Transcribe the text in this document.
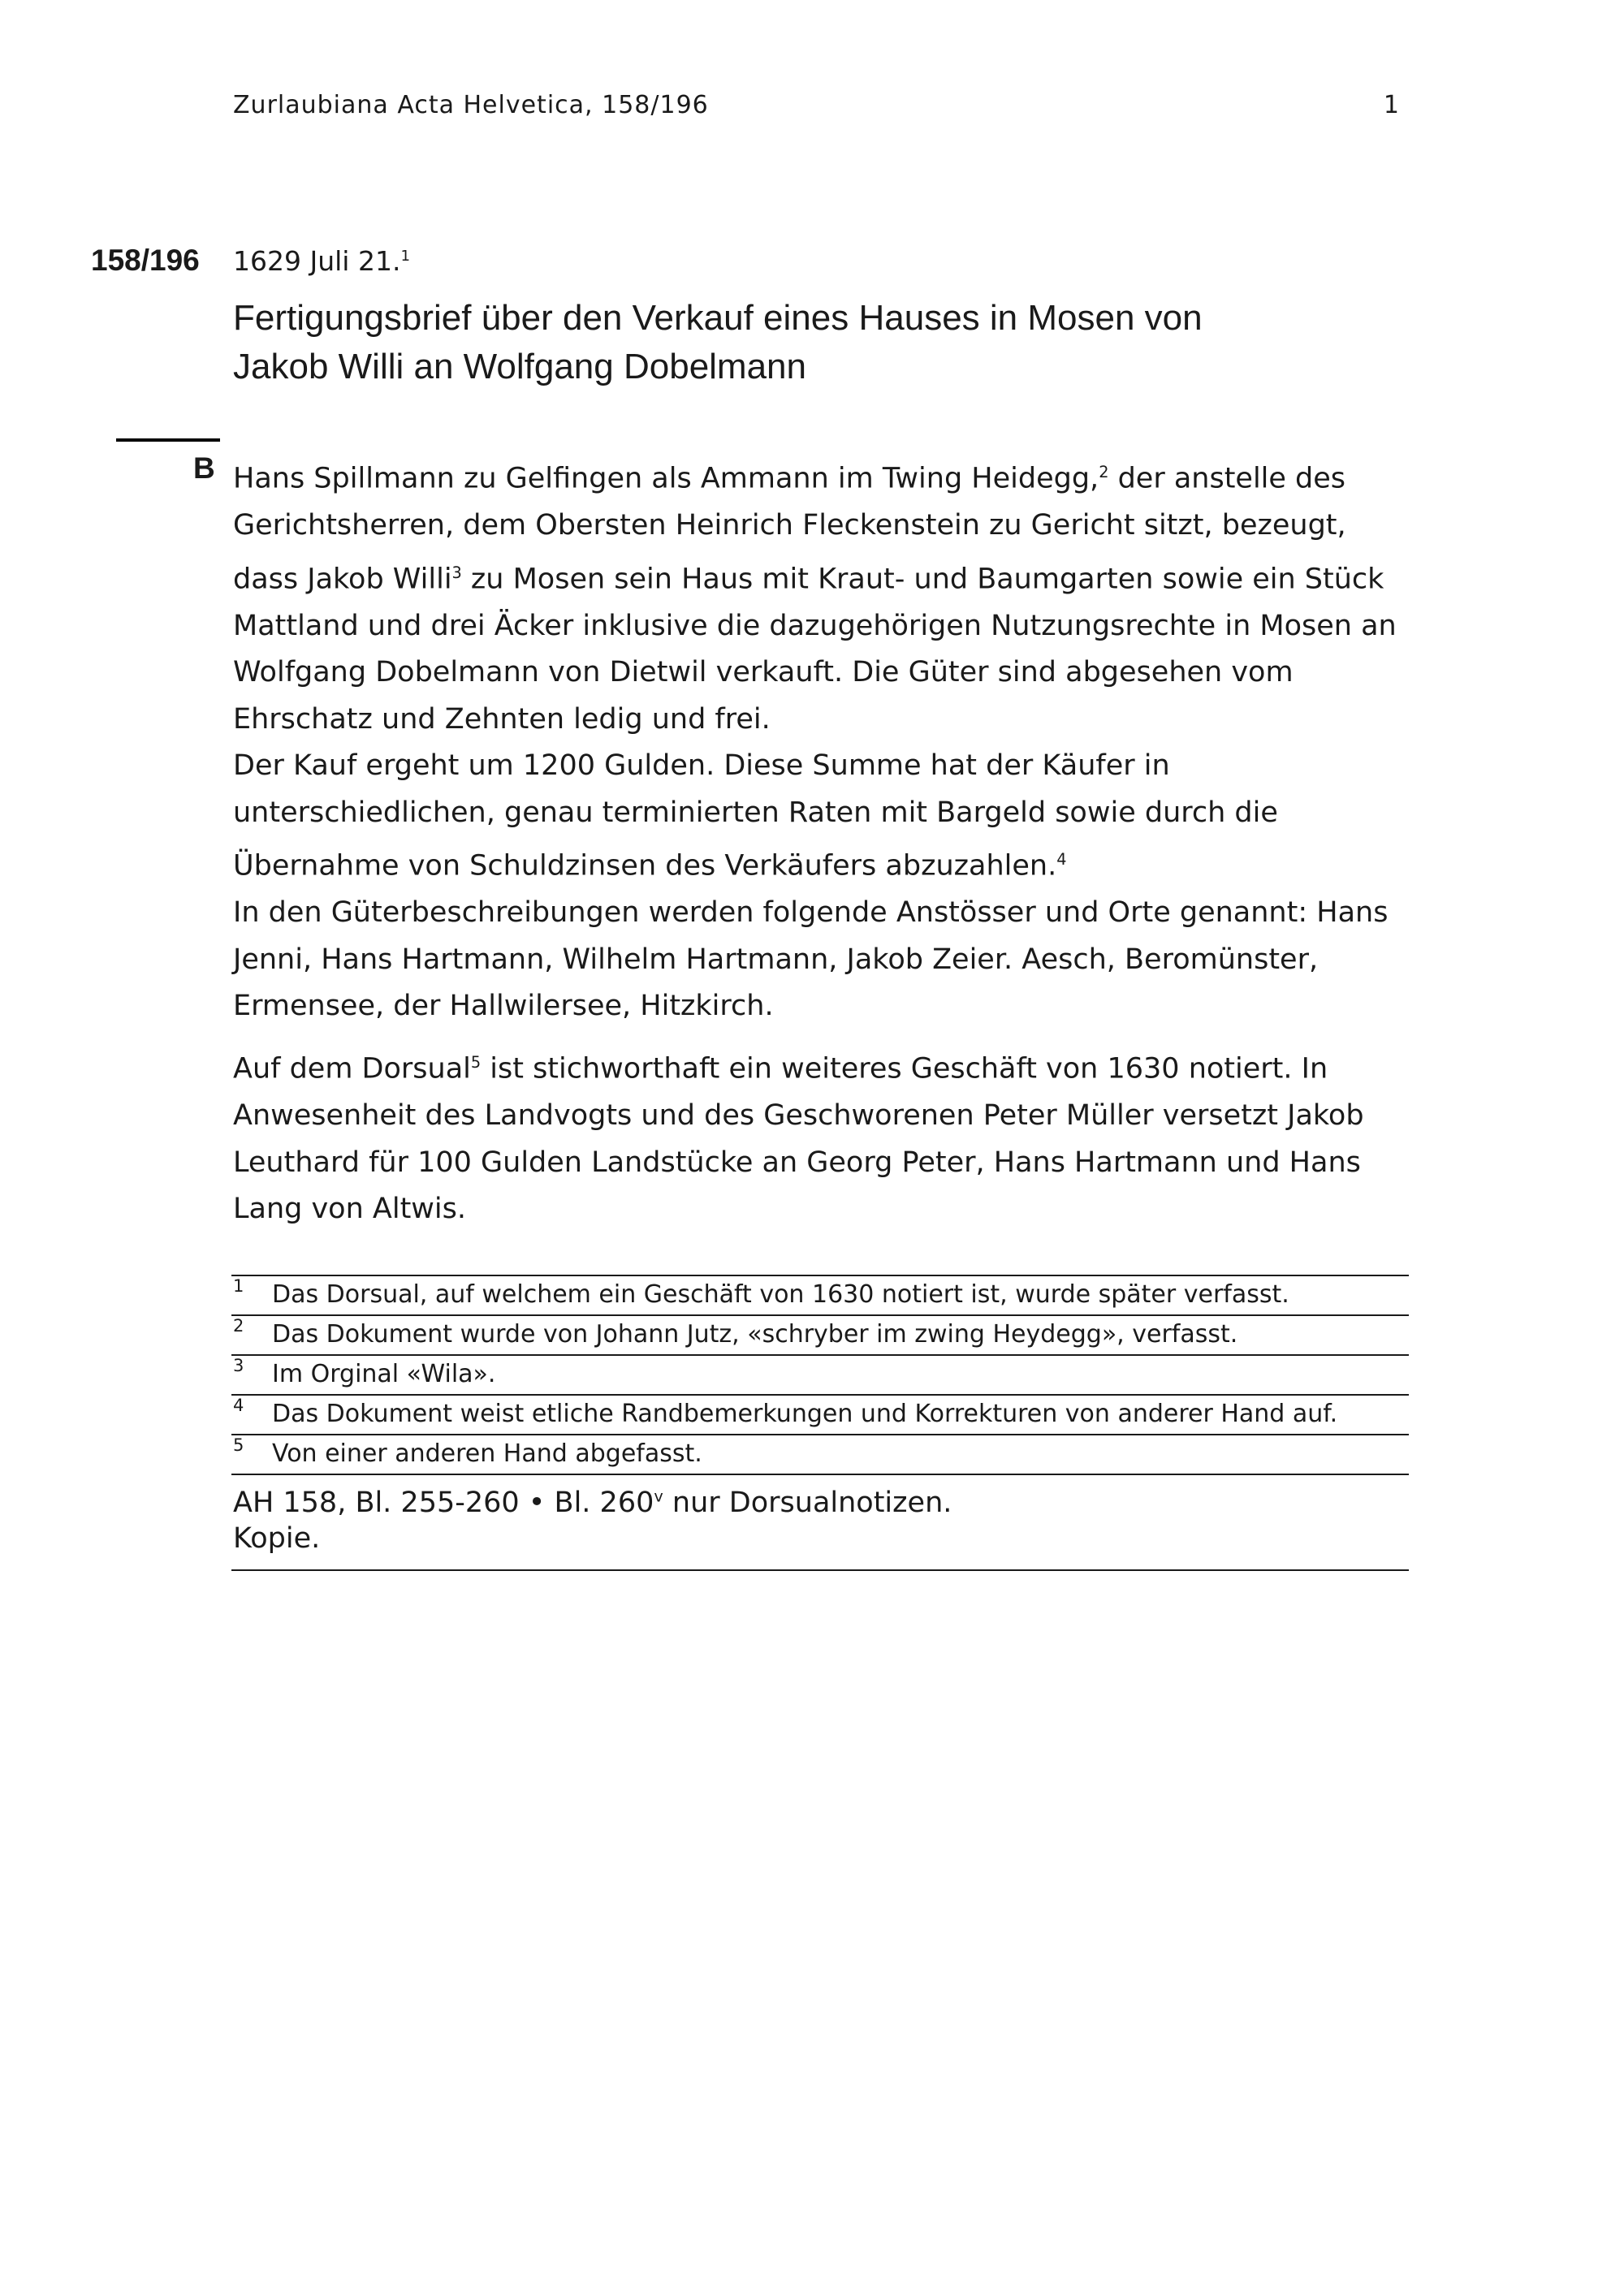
Zurlaubiana Acta Helvetica, 158/196	1
158/196 1629 Juli 21.$^1$
Fertigungsbrief über den Verkauf eines Hauses in Mosen von
Jakob Willi an Wolfgang Dobelmann
B Hans Spillmann zu Gelfingen als Ammann im Twing Heidegg,$^2$ der anstelle des Gerichtsherren, dem Obersten Heinrich Fleckenstein zu Gericht sitzt, bezeugt, dass Jakob Willi$^3$ zu Mosen sein Haus mit Kraut- und Baumgarten sowie ein Stück Mattland und drei Äcker inklusive die dazugehörigen Nutzungsrechte in Mosen an Wolfgang Dobelmann von Dietwil verkauft. Die Güter sind abgesehen vom Ehrschatz und Zehnten ledig und frei.

Der Kauf ergeht um 1200 Gulden. Diese Summe hat der Käufer in unterschiedlichen, genau terminierten Raten mit Bargeld sowie durch die Übernahme von Schuldzinsen des Verkäufers abzuzahlen.$^4$

In den Güterbeschreibungen werden folgende Anstösser und Orte genannt: Hans Jenni, Hans Hartmann, Wilhelm Hartmann, Jakob Zeier. Aesch, Beromünster, Ermensee, der Hallwilersee, Hitzkirch.

Auf dem Dorsual$^5$ ist stichworthaft ein weiteres Geschäft von 1630 notiert. In Anwesenheit des Landvogts und des Geschworenen Peter Müller versetzt Jakob Leuthard für 100 Gulden Landstücke an Georg Peter, Hans Hartmann und Hans Lang von Altwis.

1 Das Dorsual, auf welchem ein Geschäft von 1630 notiert ist, wurde später verfasst.
2 Das Dokument wurde von Johann Jutz, «schryber im zwing Heydegg», verfasst.
3 Im Orginal «Wila».
4 Das Dokument weist etliche Randbemerkungen und Korrekturen von anderer Hand auf.
5 Von einer anderen Hand abgefasst.
AH 158, Bl. 255-260 • Bl. 260$^v$ nur Dorsualnotizen.
Kopie.
